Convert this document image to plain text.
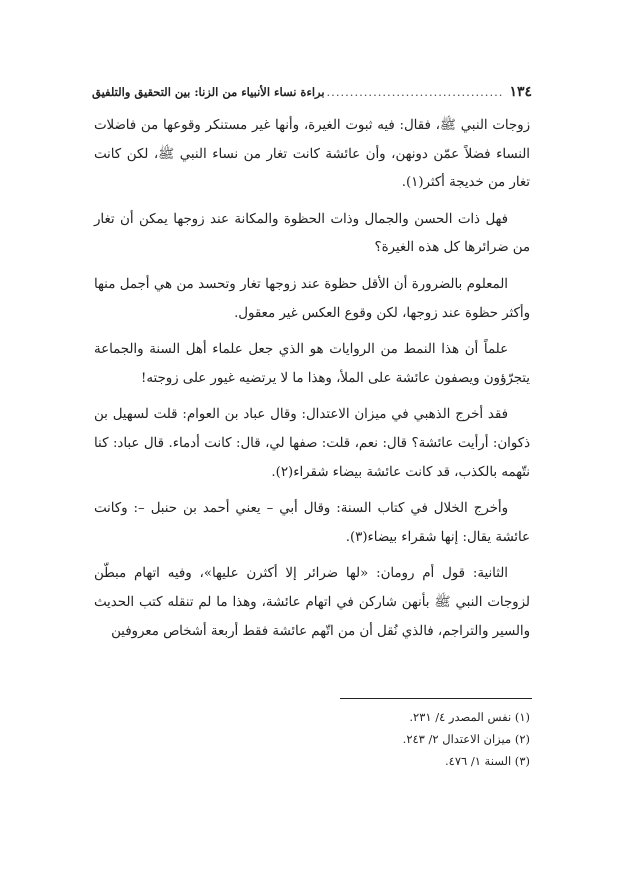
١٣٤
.....
براءة نساء الأنبياء من الزنا: بين التحقيق والتلفيق

زوجات النبي ﷺ، فقال: فيه ثبوت الغيرة، وأنها غير مستنكر وقوعها من فاضلات النساء فضلاً عمّن دونهن، وأن عائشة كانت تغار من نساء النبي ﷺ، لكن كانت تغار من خديجة أكثر(١).

فهل ذات الحسن والجمال وذات الحظوة والمكانة عند زوجها يمكن أن تغار من ضرائرها كل هذه الغيرة؟

المعلوم بالضرورة أن الأقل حظوة عند زوجها تغار وتحسد من هي أجمل منها وأكثر حظوة عند زوجها، لكن وقوع العكس غير معقول.

علماً أن هذا النمط من الروايات هو الذي جعل علماء أهل السنة والجماعة يتجرّؤون ويصفون عائشة على الملأ، وهذا ما لا يرتضيه غيور على زوجته!

فقد أخرج الذهبي في ميزان الاعتدال: وقال عباد بن العوام: قلت لسهيل بن ذكوان: أرأيت عائشة؟ قال: نعم، قلت: صفها لي، قال: كانت أدماء. قال عباد: كنا نتّهمه بالكذب، قد كانت عائشة بيضاء شقراء(٢).

وأخرج الخلال في كتاب السنة: وقال أبي – يعني أحمد بن حنبل –: وكانت عائشة يقال: إنها شقراء بيضاء(٣).

الثانية: قول أم رومان: «لها ضرائر إلا أكثرن عليها»، وفيه اتهام مبطّن لزوجات النبي ﷺ بأنهن شاركن في اتهام عائشة، وهذا ما لم تنقله كتب الحديث والسير والتراجم، فالذي نُقل أن من اتّهم عائشة فقط أربعة أشخاص معروفين

(١) نفس المصدر ٤/ ٢٣١.
(٢) ميزان الاعتدال ٢/ ٢٤٣.
(٣) السنة ١/ ٤٧٦.
